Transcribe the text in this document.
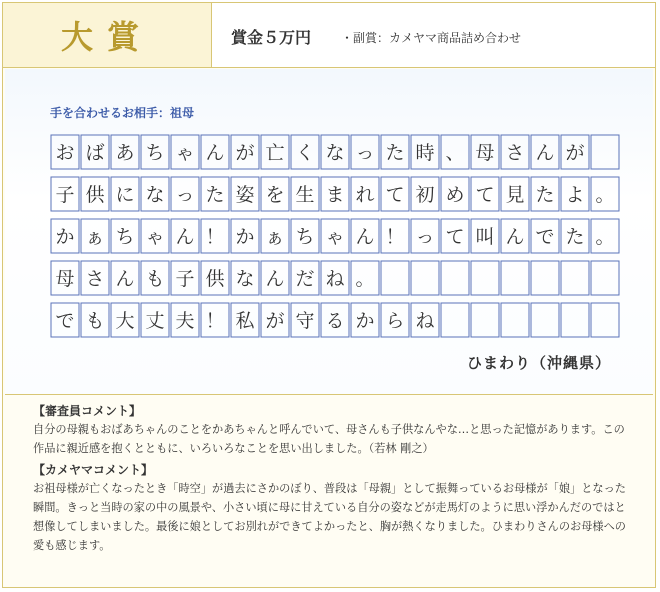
大賞	賞金５万円 ・副賞：カメヤマ商品詰め合わせ
手を合わせるお相手：祖母
お ば あ ち ゃ ん が 亡 く な っ た 時 、 母 さ ん が
子 供 に な っ た 姿 を 生 ま れ て 初 め て 見 た よ 。
か ぁ ち ゃ ん ！ か ぁ ち ゃ ん ！ っ て 叫 ん で た 。
母 さ ん も 子 供 な ん だ ね 。
で も 大 丈 夫 ！ 私 が 守 る か ら ね
ひまわり（沖縄県）
【審査員コメント】
自分の母親もおばあちゃんのことをかあちゃんと呼んでいて、母さんも子供なんやな…と思った記憶があります。この作品に親近感を抱くとともに、いろいろなことを思い出しました。（若林 剛之）
【カメヤマコメント】
お祖母様が亡くなったとき「時空」が過去にさかのぼり、普段は「母親」として振舞っているお母様が「娘」となった瞬間。きっと当時の家の中の風景や、小さい頃に母に甘えている自分の姿などが走馬灯のように思い浮かんだのではと想像してしまいました。最後に娘としてお別れができてよかったと、胸が熱くなりました。ひまわりさんのお母様への愛も感じます。
